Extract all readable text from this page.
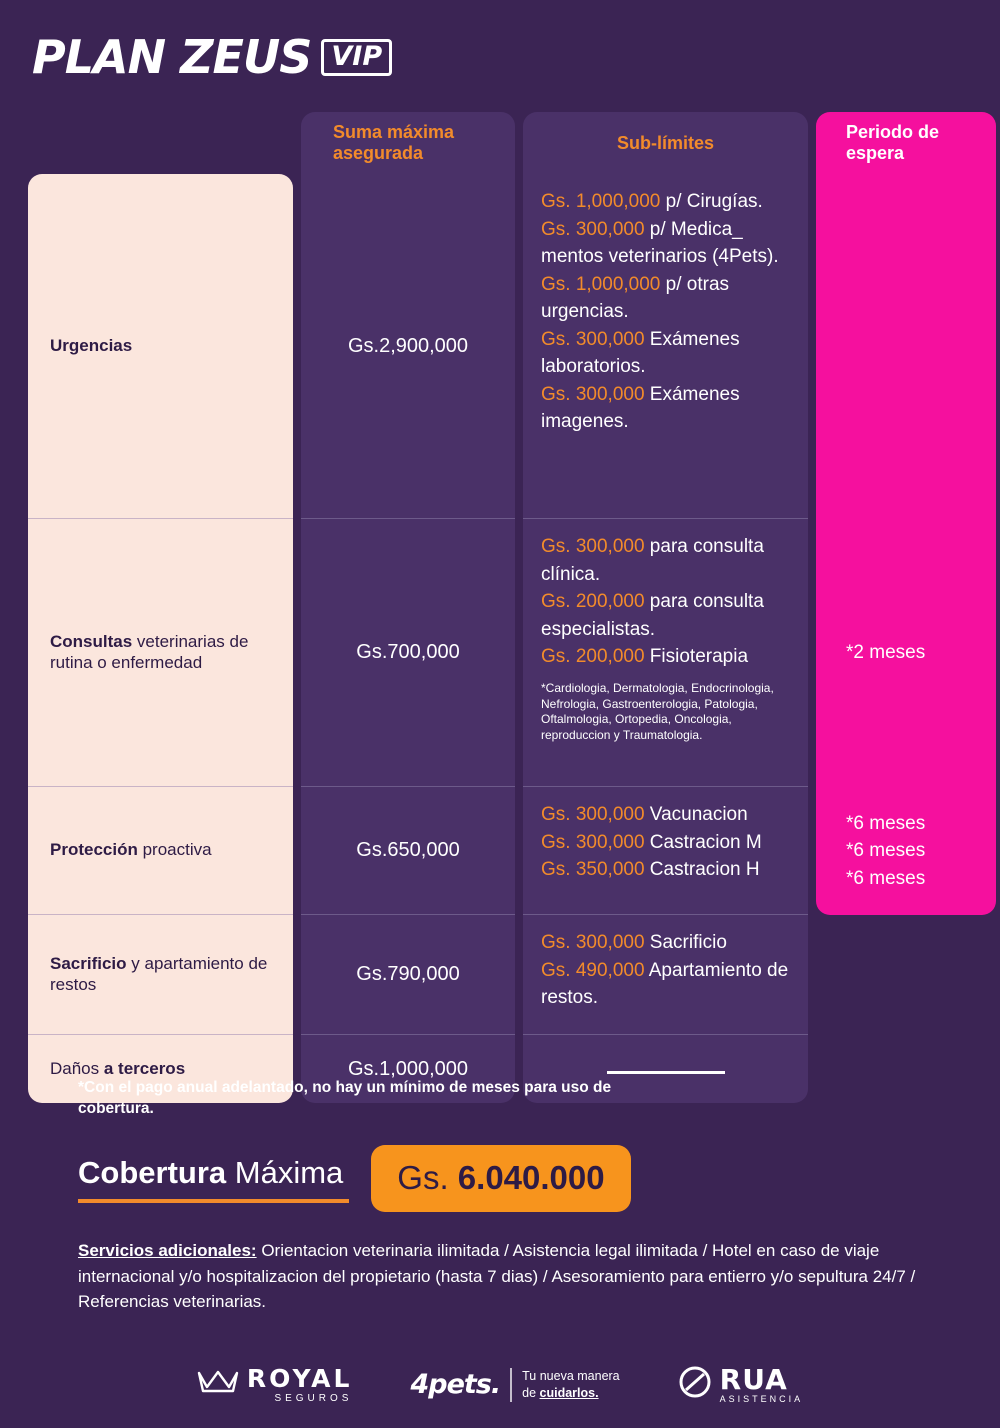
PLAN ZEUS VIP
Urgencias
Consultas veterinarias de rutina o enfermedad
Protección proactiva
Sacrificio y apartamiento de restos
Daños a terceros
Suma máxima
asegurada
Gs.2,900,000
Gs.700,000
Gs.650,000
Gs.790,000
Gs.1,000,000
Sub-límites
Gs. 1,000,000 p/ Cirugías.
Gs. 300,000 p/ Medica_ mentos veterinarios (4Pets).
Gs. 1,000,000 p/ otras urgencias.
Gs. 300,000 Exámenes laboratorios.
Gs. 300,000 Exámenes imagenes.
Gs. 300,000 para consulta clínica.
Gs. 200,000 para consulta especialistas.
Gs. 200,000 Fisioterapia
*Cardiologia, Dermatologia, Endocrinologia, Nefrologia, Gastroenterologia, Patologia, Oftalmologia, Ortopedia, Oncologia, reproduccion y Traumatologia.
Gs. 300,000 Vacunacion
Gs. 300,000 Castracion M
Gs. 350,000 Castracion H
Gs. 300,000 Sacrificio
Gs. 490,000 Apartamiento de restos.
Periodo de
espera
*2 meses
*6 meses
*6 meses
*6 meses
*Con el pago anual adelantado, no hay un mínimo de meses para uso de cobertura.
Cobertura Máxima	Gs. 6.040.000
Servicios adicionales: Orientacion veterinaria ilimitada / Asistencia legal ilimitada / Hotel en caso de viaje internacional y/o hospitalizacion del propietario (hasta 7 dias) / Asesoramiento para entierro y/o sepultura 24/7 / Referencias veterinarias.
ROYAL
SEGUROS 4pets. Tu nueva manera
de cuidarlos.	RUA
ASISTENCIA
